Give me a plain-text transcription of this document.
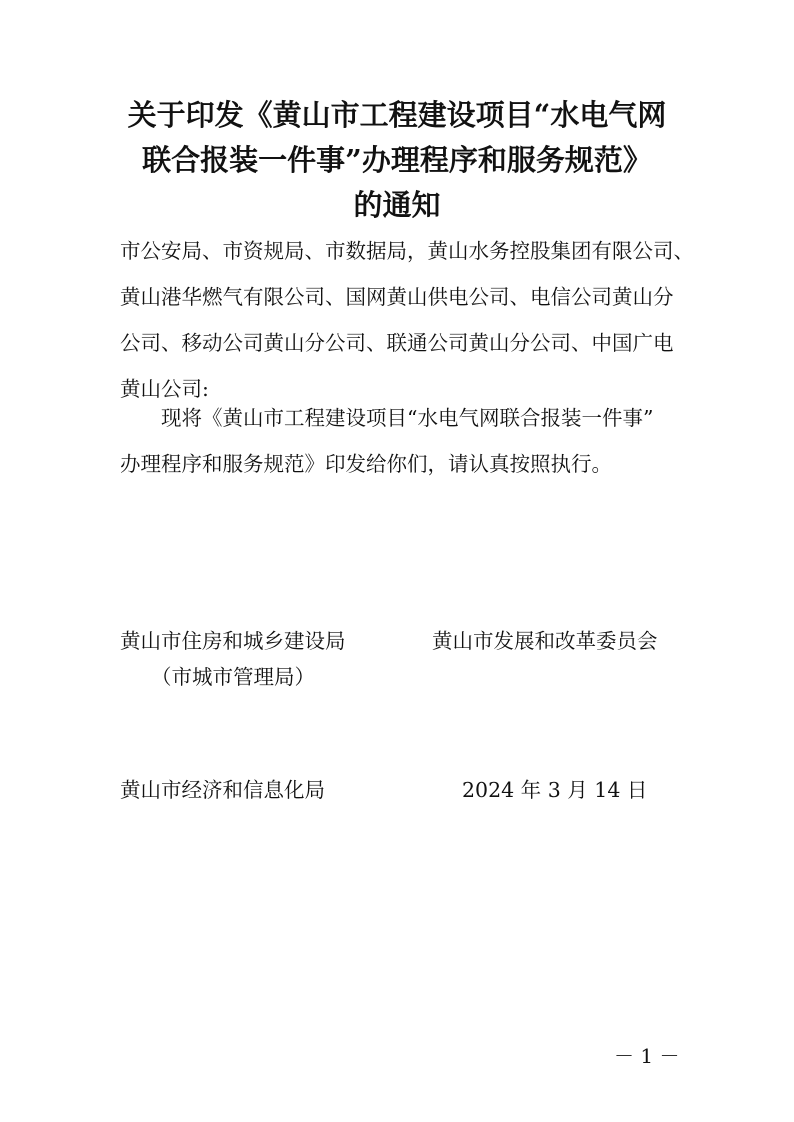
关于印发《黄山市工程建设项目“水电气网
联合报装一件事”办理程序和服务规范》
的通知
市公安局、市资规局、市数据局，黄山水务控股集团有限公司、
黄山港华燃气有限公司、国网黄山供电公司、电信公司黄山分
公司、移动公司黄山分公司、联通公司黄山分公司、中国广电
黄山公司:
现将《黄山市工程建设项目“水电气网联合报装一件事”
办理程序和服务规范》印发给你们，请认真按照执行。
黄山市住房和城乡建设局
（市城市管理局）
黄山市发展和改革委员会
黄山市经济和信息化局	2024 年 3 月 14 日
－ 1 －
